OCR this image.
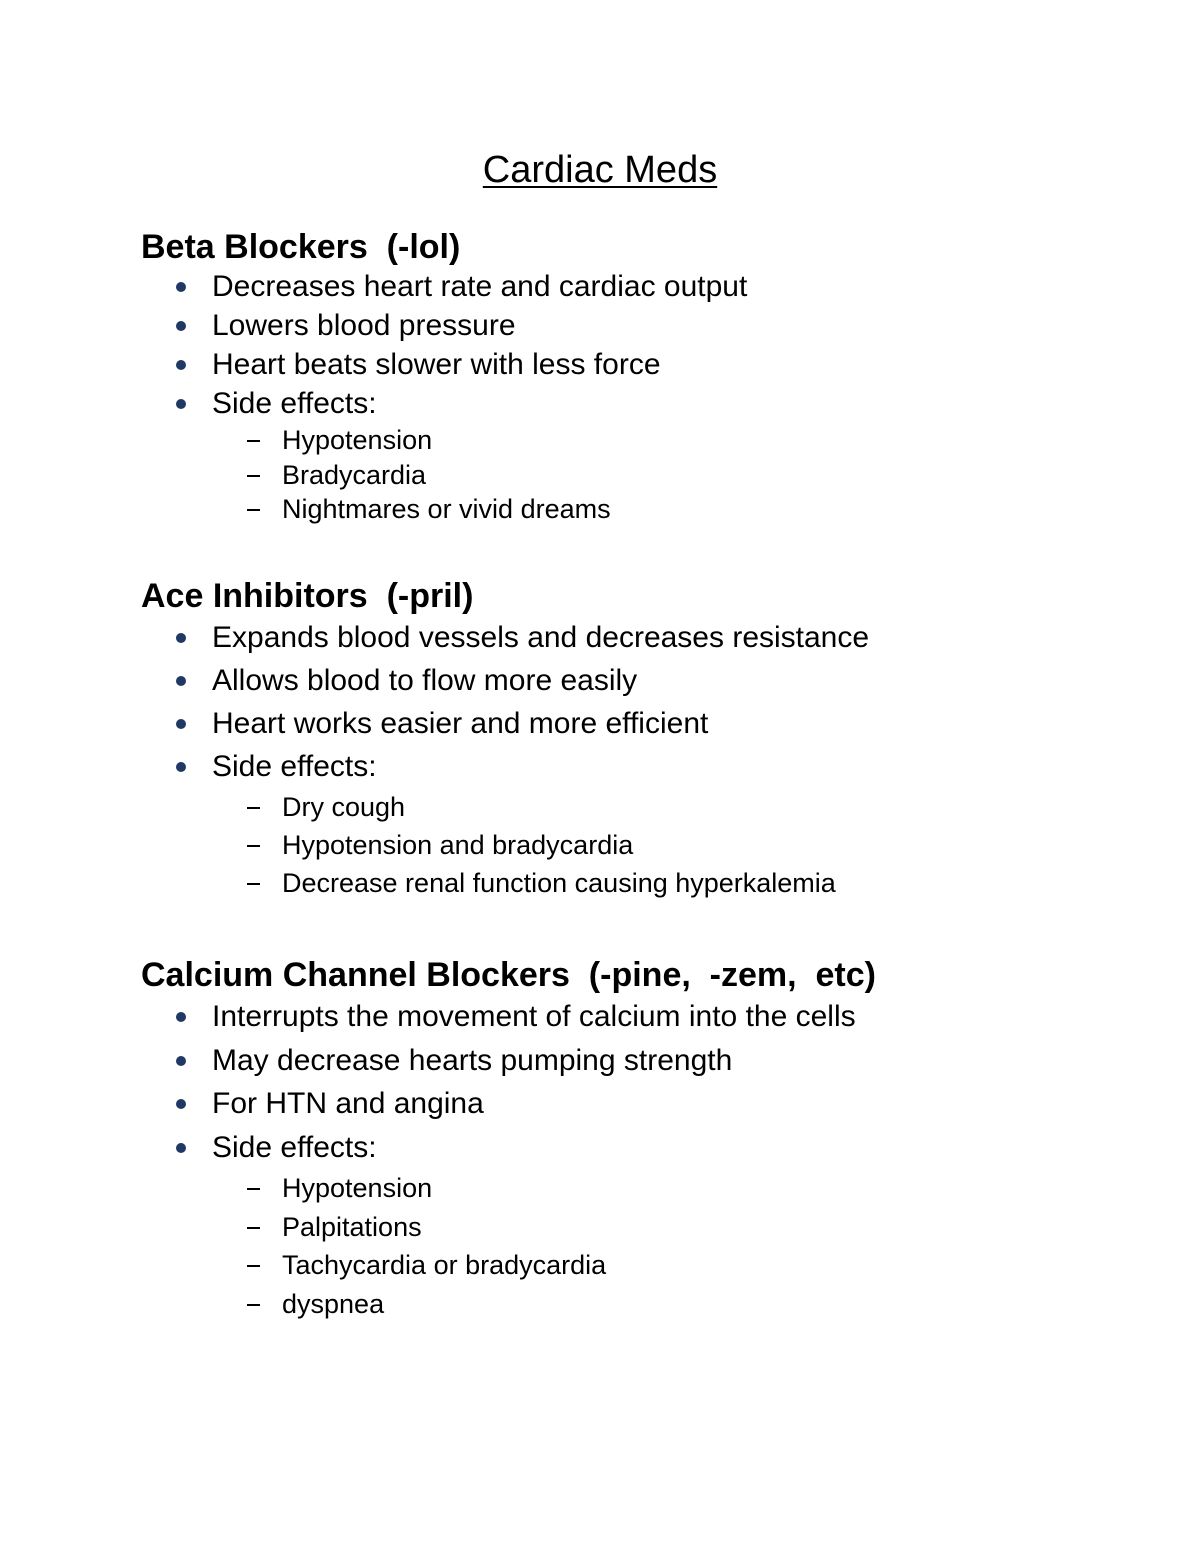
Cardiac Meds
Beta Blockers  (-lol)
Decreases heart rate and cardiac output
Lowers blood pressure
Heart beats slower with less force
Side effects:
Hypotension
Bradycardia
Nightmares or vivid dreams
Ace Inhibitors  (-pril)
Expands blood vessels and decreases resistance
Allows blood to flow more easily
Heart works easier and more efficient
Side effects:
Dry cough
Hypotension and bradycardia
Decrease renal function causing hyperkalemia
Calcium Channel Blockers  (-pine,  -zem,  etc)
Interrupts the movement of calcium into the cells
May decrease hearts pumping strength
For HTN and angina
Side effects:
Hypotension
Palpitations
Tachycardia or bradycardia
dyspnea
